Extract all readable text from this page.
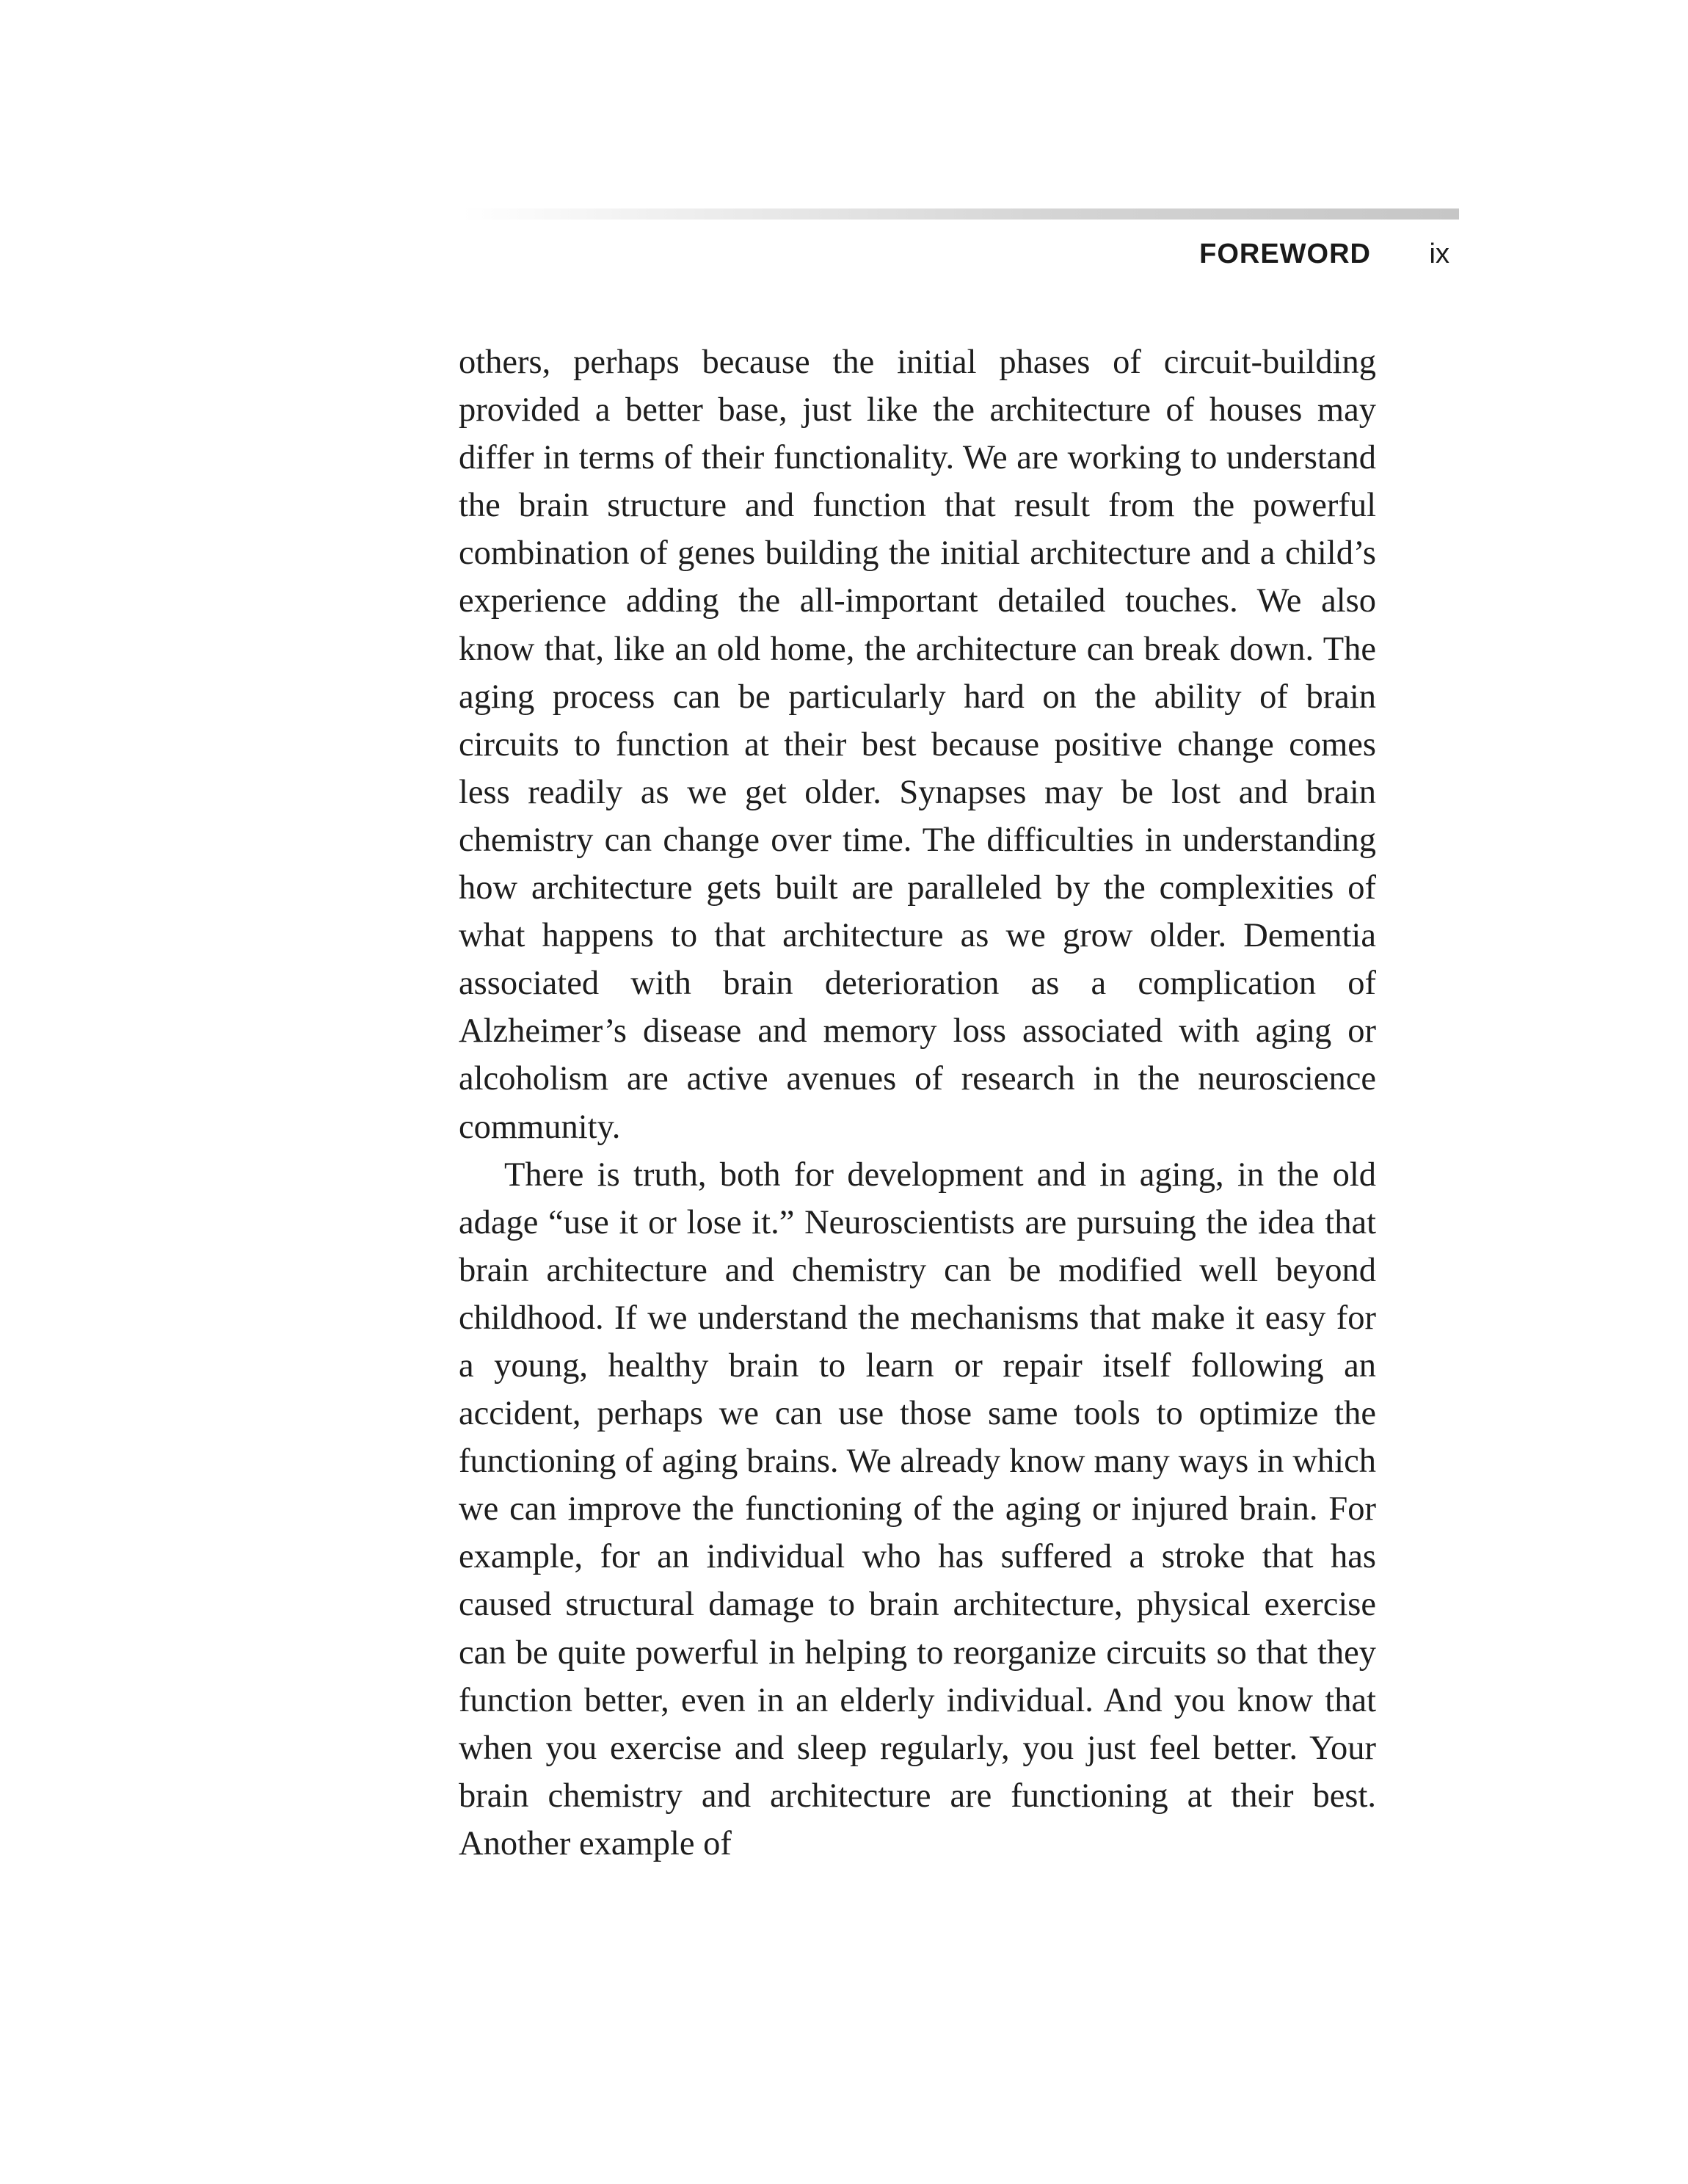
FOREWORD ix

others, perhaps because the initial phases of circuit-building provided a better base, just like the architecture of houses may differ in terms of their functionality. We are working to understand the brain structure and function that result from the powerful combination of genes building the initial architecture and a child’s experience adding the all-important detailed touches. We also know that, like an old home, the architecture can break down. The aging process can be particularly hard on the ability of brain circuits to function at their best because positive change comes less readily as we get older. Synapses may be lost and brain chemistry can change over time. The difficulties in understanding how architecture gets built are paralleled by the complexities of what happens to that architecture as we grow older. Dementia associated with brain deterioration as a complication of Alzheimer’s disease and memory loss associated with aging or alcoholism are active avenues of research in the neuroscience community.

There is truth, both for development and in aging, in the old adage “use it or lose it.” Neuroscientists are pursuing the idea that brain architecture and chemistry can be modified well beyond childhood. If we understand the mechanisms that make it easy for a young, healthy brain to learn or repair itself following an accident, perhaps we can use those same tools to optimize the functioning of aging brains. We already know many ways in which we can improve the functioning of the aging or injured brain. For example, for an individual who has suffered a stroke that has caused structural damage to brain architecture, physical exercise can be quite powerful in helping to reorganize circuits so that they function better, even in an elderly individual. And you know that when you exercise and sleep regularly, you just feel better. Your brain chemistry and architecture are functioning at their best. Another example of
